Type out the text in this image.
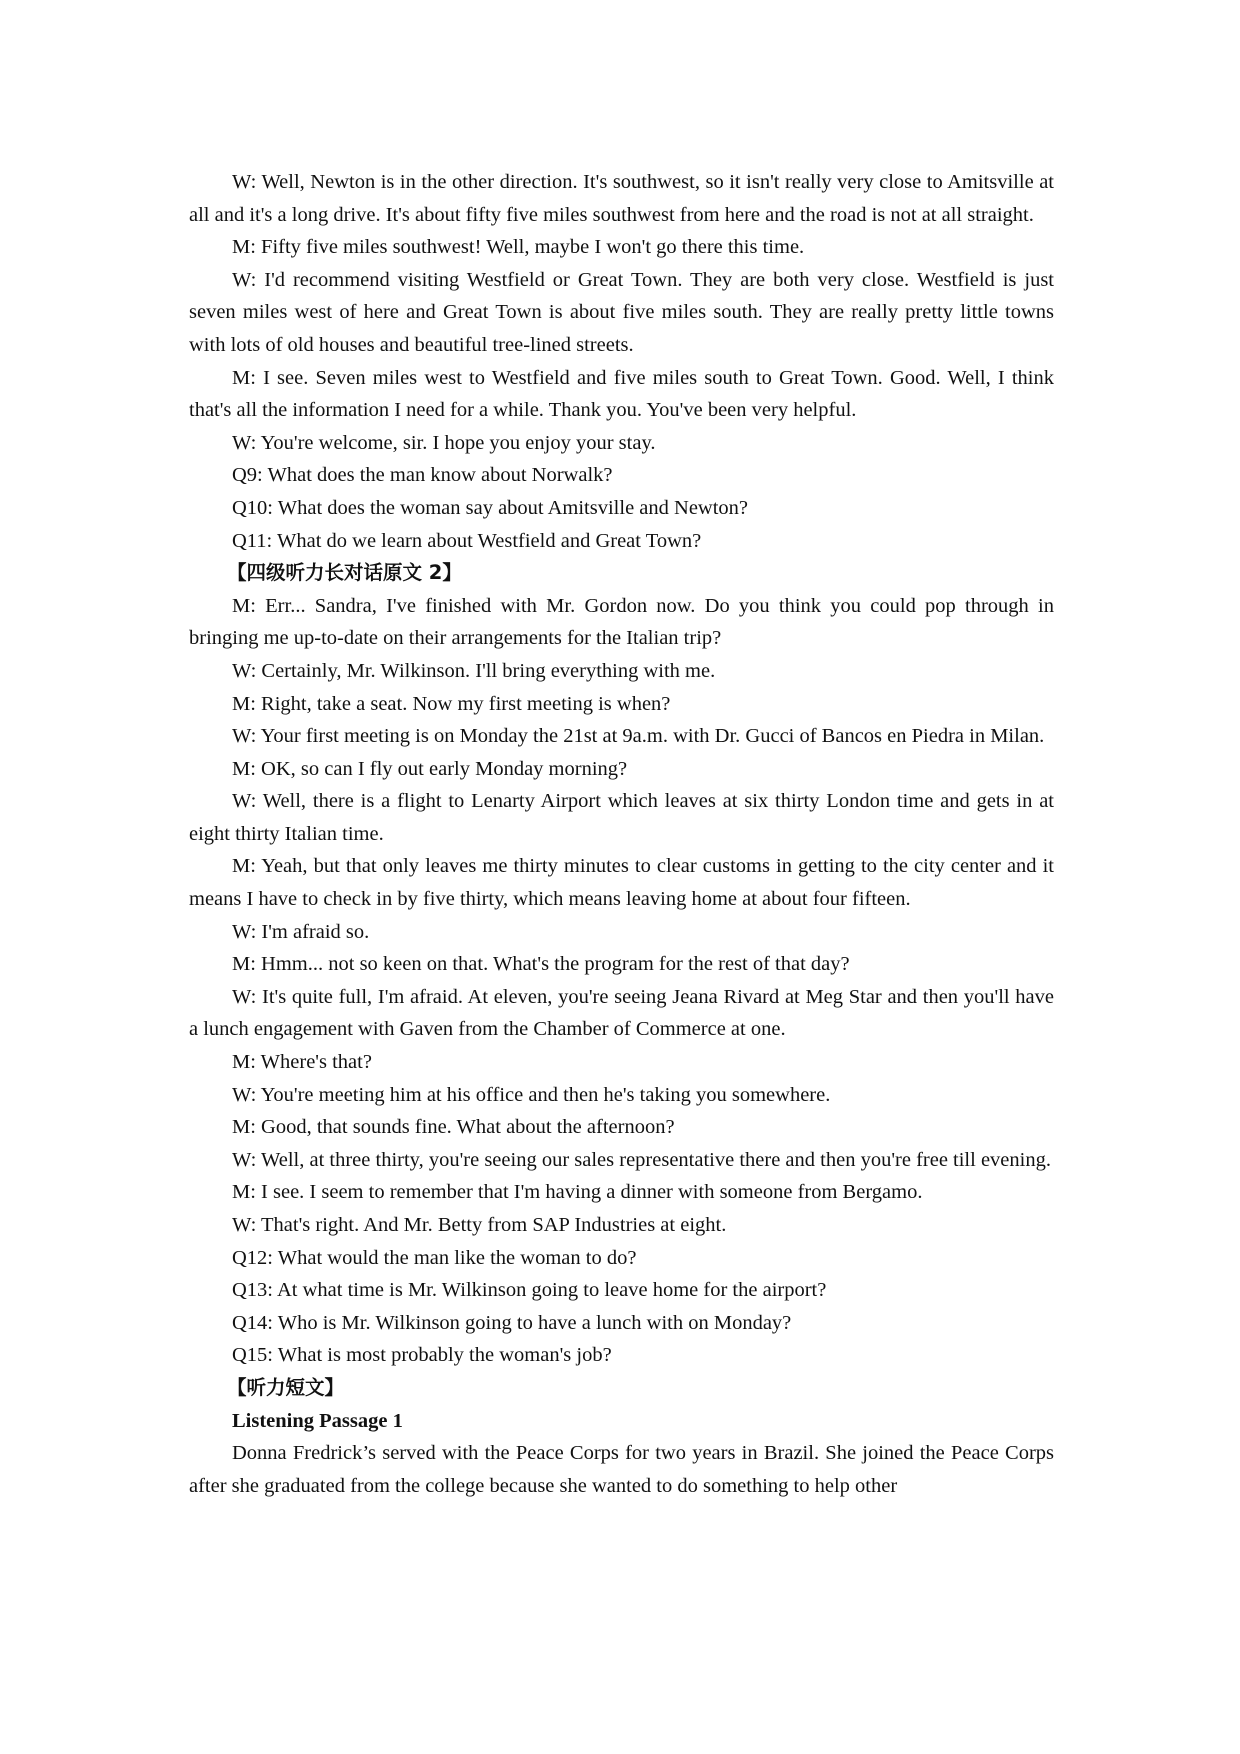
W: Well, Newton is in the other direction. It's southwest, so it isn't really very close to Amitsville at all and it's a long drive. It's about fifty five miles southwest from here and the road is not at all straight.

M: Fifty five miles southwest! Well, maybe I won't go there this time.

W: I'd recommend visiting Westfield or Great Town. They are both very close. Westfield is just seven miles west of here and Great Town is about five miles south. They are really pretty little towns with lots of old houses and beautiful tree-lined streets.

M: I see. Seven miles west to Westfield and five miles south to Great Town. Good. Well, I think that's all the information I need for a while. Thank you. You've been very helpful.

W: You're welcome, sir. I hope you enjoy your stay.

Q9: What does the man know about Norwalk?

Q10: What does the woman say about Amitsville and Newton?

Q11: What do we learn about Westfield and Great Town?

【四级听力长对话原文 2】

M: Err... Sandra, I've finished with Mr. Gordon now. Do you think you could pop through in bringing me up-to-date on their arrangements for the Italian trip?

W: Certainly, Mr. Wilkinson. I'll bring everything with me.

M: Right, take a seat. Now my first meeting is when?

W: Your first meeting is on Monday the 21st at 9a.m. with Dr. Gucci of Bancos en Piedra in Milan.

M: OK, so can I fly out early Monday morning?

W: Well, there is a flight to Lenarty Airport which leaves at six thirty London time and gets in at eight thirty Italian time.

M: Yeah, but that only leaves me thirty minutes to clear customs in getting to the city center and it means I have to check in by five thirty, which means leaving home at about four fifteen.

W: I'm afraid so.

M: Hmm... not so keen on that. What's the program for the rest of that day?

W: It's quite full, I'm afraid. At eleven, you're seeing Jeana Rivard at Meg Star and then you'll have a lunch engagement with Gaven from the Chamber of Commerce at one.

M: Where's that?

W: You're meeting him at his office and then he's taking you somewhere.

M: Good, that sounds fine. What about the afternoon?

W: Well, at three thirty, you're seeing our sales representative there and then you're free till evening.

M: I see. I seem to remember that I'm having a dinner with someone from Bergamo.

W: That's right. And Mr. Betty from SAP Industries at eight.

Q12: What would the man like the woman to do?

Q13: At what time is Mr. Wilkinson going to leave home for the airport?

Q14: Who is Mr. Wilkinson going to have a lunch with on Monday?

Q15: What is most probably the woman's job?

【听力短文】

Listening Passage 1

Donna Fredrick’s served with the Peace Corps for two years in Brazil. She joined the Peace Corps after she graduated from the college because she wanted to do something to help other
